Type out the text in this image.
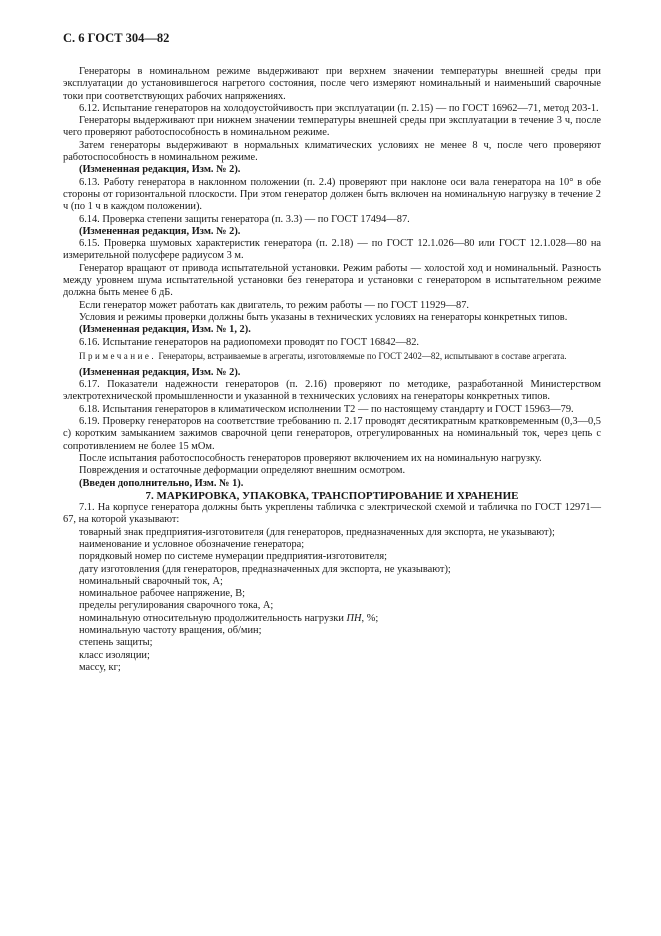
С. 6 ГОСТ 304—82

Генераторы в номинальном режиме выдерживают при верхнем значении температуры внешней среды при эксплуатации до установившегося нагретого состояния, после чего измеряют номинальный и наименьший сварочные токи при соответствующих рабочих напряжениях.

6.12. Испытание генераторов на холодоустойчивость при эксплуатации (п. 2.15) — по ГОСТ 16962—71, метод 203-1.

Генераторы выдерживают при нижнем значении температуры внешней среды при эксплуатации в течение 3 ч, после чего проверяют работоспособность в номинальном режиме.

Затем генераторы выдерживают в нормальных климатических условиях не менее 8 ч, после чего проверяют работоспособность в номинальном режиме.

(Измененная редакция, Изм. № 2).

6.13. Работу генератора в наклонном положении (п. 2.4) проверяют при наклоне оси вала генератора на 10° в обе стороны от горизонтальной плоскости. При этом генератор должен быть включен на номинальную нагрузку в течение 2 ч (по 1 ч в каждом положении).

6.14. Проверка степени защиты генератора (п. 3.3) — по ГОСТ 17494—87.

(Измененная редакция, Изм. № 2).

6.15. Проверка шумовых характеристик генератора (п. 2.18) — по ГОСТ 12.1.026—80 или ГОСТ 12.1.028—80 на измерительной полусфере радиусом 3 м.

Генератор вращают от привода испытательной установки. Режим работы — холостой ход и номинальный. Разность между уровнем шума испытательной установки без генератора и установки с генератором в испытательном режиме должна быть менее 6 дБ.

Если генератор может работать как двигатель, то режим работы — по ГОСТ 11929—87.

Условия и режимы проверки должны быть указаны в технических условиях на генераторы конкретных типов.

(Измененная редакция, Изм. № 1, 2).

6.16. Испытание генераторов на радиопомехи проводят по ГОСТ 16842—82.

Примечание. Генераторы, встраиваемые в агрегаты, изготовляемые по ГОСТ 2402—82, испытывают в составе агрегата.

(Измененная редакция, Изм. № 2).

6.17. Показатели надежности генераторов (п. 2.16) проверяют по методике, разработанной Министерством электротехнической промышленности и указанной в технических условиях на генераторы конкретных типов.

6.18. Испытания генераторов в климатическом исполнении Т2 — по настоящему стандарту и ГОСТ 15963—79.

6.19. Проверку генераторов на соответствие требованию п. 2.17 проводят десятикратным кратковременным (0,3—0,5 с) коротким замыканием зажимов сварочной цепи генераторов, отрегулированных на номинальный ток, через цепь с сопротивлением не более 15 мОм.

После испытания работоспособность генераторов проверяют включением их на номинальную нагрузку.

Повреждения и остаточные деформации определяют внешним осмотром.

(Введен дополнительно, Изм. № 1).

7. МАРКИРОВКА, УПАКОВКА, ТРАНСПОРТИРОВАНИЕ И ХРАНЕНИЕ

7.1. На корпусе генератора должны быть укреплены табличка с электрической схемой и табличка по ГОСТ 12971—67, на которой указывают:

товарный знак предприятия-изготовителя (для генераторов, предназначенных для экспорта, не указывают);

наименование и условное обозначение генератора;

порядковый номер по системе нумерации предприятия-изготовителя;

дату изготовления (для генераторов, предназначенных для экспорта, не указывают);

номинальный сварочный ток, А;

номинальное рабочее напряжение, В;

пределы регулирования сварочного тока, А;

номинальную относительную продолжительность нагрузки ПН, %;

номинальную частоту вращения, об/мин;

степень защиты;

класс изоляции;

массу, кг;
